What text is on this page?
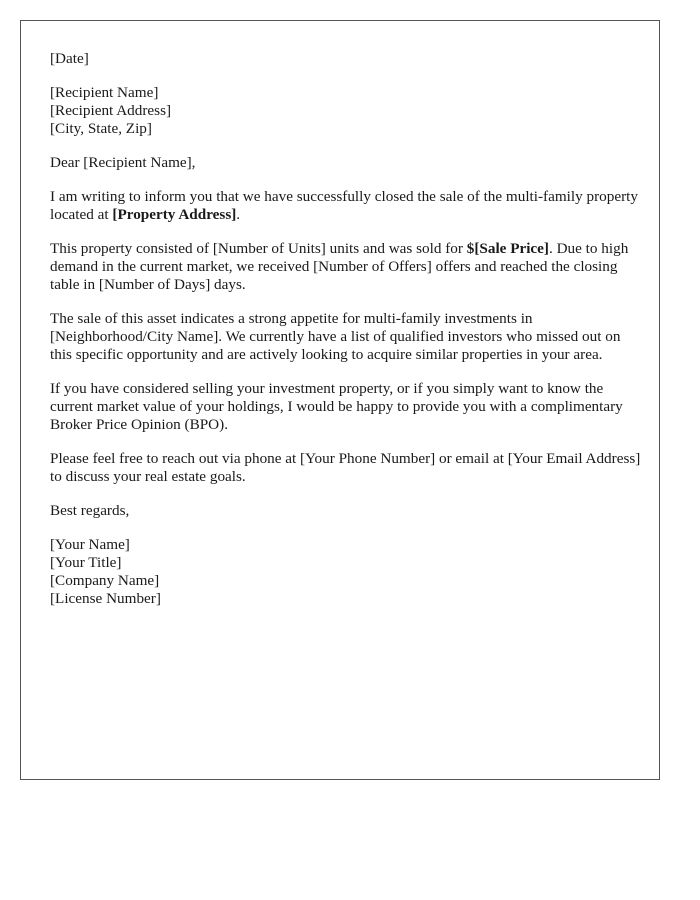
[Date]

[Recipient Name]
[Recipient Address]
[City, State, Zip]

Dear [Recipient Name],

I am writing to inform you that we have successfully closed the sale of the multi-family property located at [Property Address].

This property consisted of [Number of Units] units and was sold for $[Sale Price]. Due to high demand in the current market, we received [Number of Offers] offers and reached the closing table in [Number of Days] days.

The sale of this asset indicates a strong appetite for multi-family investments in [Neighborhood/City Name]. We currently have a list of qualified investors who missed out on this specific opportunity and are actively looking to acquire similar properties in your area.

If you have considered selling your investment property, or if you simply want to know the current market value of your holdings, I would be happy to provide you with a complimentary Broker Price Opinion (BPO).

Please feel free to reach out via phone at [Your Phone Number] or email at [Your Email Address] to discuss your real estate goals.

Best regards,

[Your Name]
[Your Title]
[Company Name]
[License Number]
